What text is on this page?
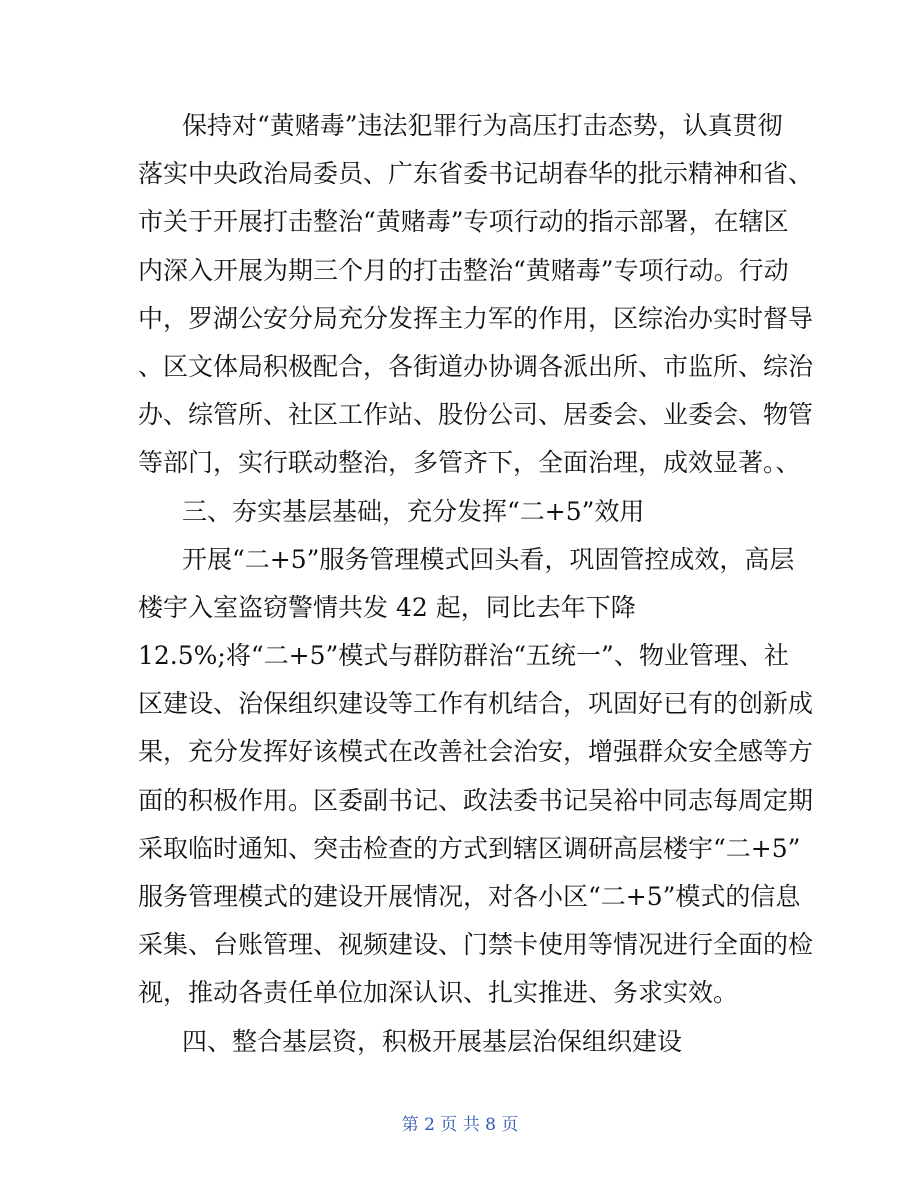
保持对“黄赌毒”违法犯罪行为高压打击态势，认真贯彻
落实中央政治局委员、广东省委书记胡春华的批示精神和省、
市关于开展打击整治“黄赌毒”专项行动的指示部署，在辖区
内深入开展为期三个月的打击整治“黄赌毒”专项行动。行动
中，罗湖公安分局充分发挥主力军的作用，区综治办实时督导
、区文体局积极配合，各街道办协调各派出所、市监所、综治
办、综管所、社区工作站、股份公司、居委会、业委会、物管
等部门，实行联动整治，多管齐下，全面治理，成效显著。、
三、夯实基层基础，充分发挥“二+5”效用
开展“二+5”服务管理模式回头看，巩固管控成效，高层
楼宇入室盗窃警情共发 42 起，同比去年下降
12.5%;将“二+5”模式与群防群治“五统一”、物业管理、社
区建设、治保组织建设等工作有机结合，巩固好已有的创新成
果，充分发挥好该模式在改善社会治安，增强群众安全感等方
面的积极作用。区委副书记、政法委书记吴裕中同志每周定期
采取临时通知、突击检查的方式到辖区调研高层楼宇“二+5”
服务管理模式的建设开展情况，对各小区“二+5”模式的信息
采集、台账管理、视频建设、门禁卡使用等情况进行全面的检
视，推动各责任单位加深认识、扎实推进、务求实效。
四、整合基层资，积极开展基层治保组织建设
第 2 页 共 8 页
